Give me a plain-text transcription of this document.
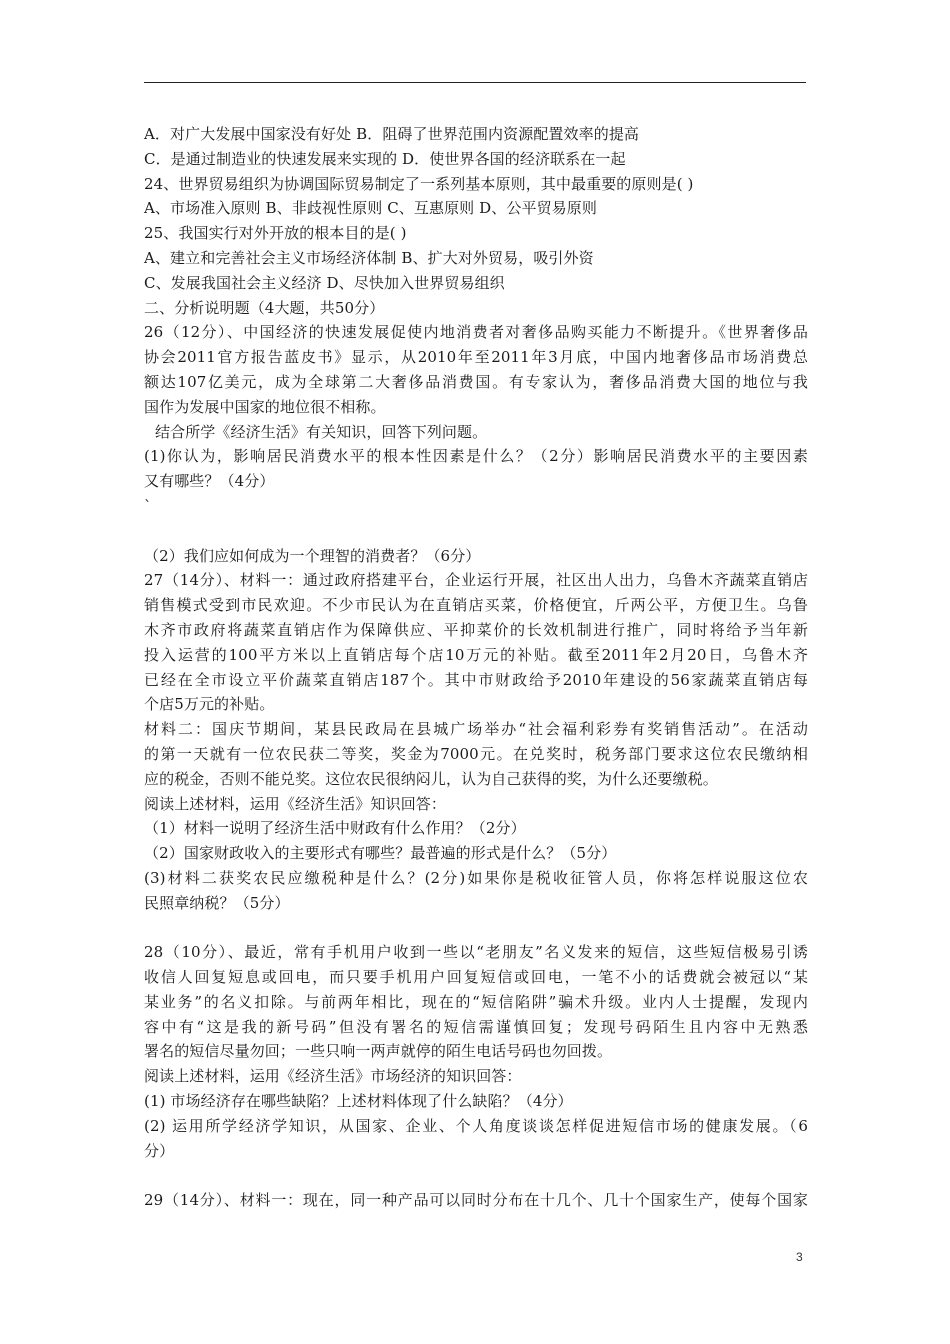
A．对广大发展中国家没有好处 B．阻碍了世界范围内资源配置效率的提高
C．是通过制造业的快速发展来实现的 D．使世界各国的经济联系在一起
24、世界贸易组织为协调国际贸易制定了一系列基本原则，其中最重要的原则是( )
A、市场准入原则 B、非歧视性原则 C、互惠原则 D、公平贸易原则
25、我国实行对外开放的根本目的是( )
A、建立和完善社会主义市场经济体制 B、扩大对外贸易，吸引外资
C、发展我国社会主义经济 D、尽快加入世界贸易组织
二、分析说明题（4大题，共50分）
26（12分）、中国经济的快速发展促使内地消费者对奢侈品购买能力不断提升。《世界奢侈品
协会2011官方报告蓝皮书》显示，从2010年至2011年3月底，中国内地奢侈品市场消费总
额达107亿美元，成为全球第二大奢侈品消费国。有专家认为，奢侈品消费大国的地位与我
国作为发展中国家的地位很不相称。
结合所学《经济生活》有关知识，回答下列问题。
(1)你认为，影响居民消费水平的根本性因素是什么？（2分）影响居民消费水平的主要因素
又有哪些？（4分）
`
（2）我们应如何成为一个理智的消费者？（6分）
27（14分）、材料一：通过政府搭建平台，企业运行开展，社区出人出力，乌鲁木齐蔬菜直销店
销售模式受到市民欢迎。不少市民认为在直销店买菜，价格便宜，斤两公平，方便卫生。乌鲁
木齐市政府将蔬菜直销店作为保障供应、平抑菜价的长效机制进行推广，同时将给予当年新
投入运营的100平方米以上直销店每个店10万元的补贴。截至2011年2月20日，乌鲁木齐
已经在全市设立平价蔬菜直销店187个。其中市财政给予2010年建设的56家蔬菜直销店每
个店5万元的补贴。
材料二：国庆节期间，某县民政局在县城广场举办“社会福利彩券有奖销售活动”。在活动
的第一天就有一位农民获二等奖，奖金为7000元。在兑奖时，税务部门要求这位农民缴纳相
应的税金，否则不能兑奖。这位农民很纳闷儿，认为自己获得的奖，为什么还要缴税。
阅读上述材料，运用《经济生活》知识回答：
（1）材料一说明了经济生活中财政有什么作用？（2分）
（2）国家财政收入的主要形式有哪些？最普遍的形式是什么？（5分）
(3)材料二获奖农民应缴税种是什么？(2分)如果你是税收征管人员，你将怎样说服这位农
民照章纳税？（5分）
28（10分）、最近，常有手机用户收到一些以“老朋友”名义发来的短信，这些短信极易引诱
收信人回复短息或回电，而只要手机用户回复短信或回电，一笔不小的话费就会被冠以“某
某业务”的名义扣除。与前两年相比，现在的“短信陷阱”骗术升级。业内人士提醒，发现内
容中有“这是我的新号码”但没有署名的短信需谨慎回复；发现号码陌生且内容中无熟悉
署名的短信尽量勿回；一些只响一两声就停的陌生电话号码也勿回拨。
阅读上述材料，运用《经济生活》市场经济的知识回答：
(1) 市场经济存在哪些缺陷？上述材料体现了什么缺陷？（4分）
(2) 运用所学经济学知识，从国家、企业、个人角度谈谈怎样促进短信市场的健康发展。（6
分）
29（14分）、材料一：现在，同一种产品可以同时分布在十几个、几十个国家生产，使每个国家
3
